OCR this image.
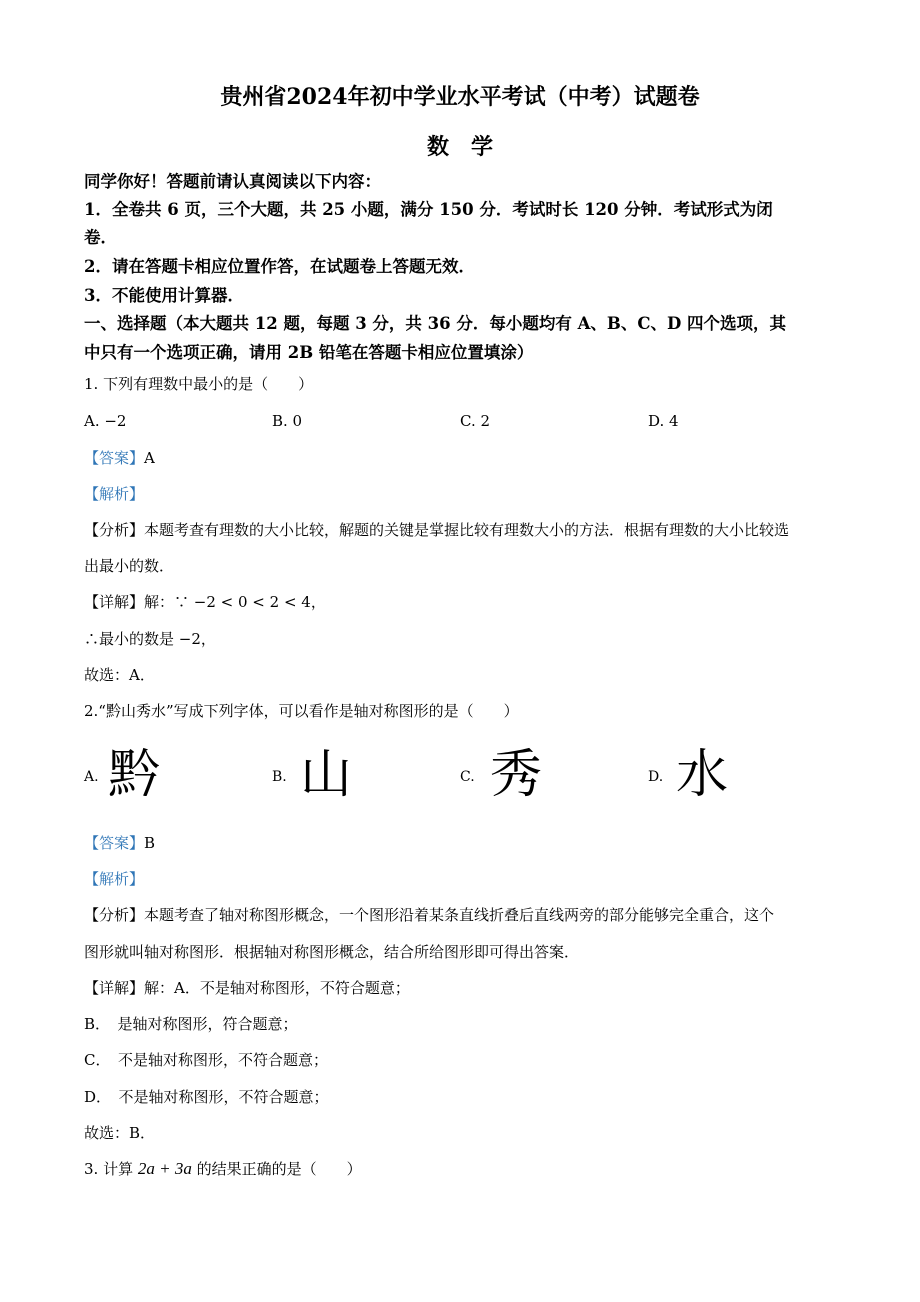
贵州省2024年初中学业水平考试（中考）试题卷
数　学
同学你好！答题前请认真阅读以下内容：
1．全卷共 6 页，三个大题，共 25 小题，满分 150 分．考试时长 120 分钟．考试形式为闭
卷．
2．请在答题卡相应位置作答，在试题卷上答题无效．
3．不能使用计算器．
一、选择题（本大题共 12 题，每题 3 分，共 36 分．每小题均有 A、B、C、D 四个选项，其
中只有一个选项正确，请用 2B 铅笔在答题卡相应位置填涂）
1. 下列有理数中最小的是（　　）
A. −2	B. 0	C. 2	D. 4
【答案】A
【解析】
【分析】本题考查有理数的大小比较，解题的关键是掌握比较有理数大小的方法．根据有理数的大小比较选
出最小的数．
【详解】解：∵ −2 < 0 < 2 < 4，
∴最小的数是 −2，
故选：A．
2.“黔山秀水”写成下列字体，可以看作是轴对称图形的是（　　）
A. 黔	B. 山	C. 秀	D. 水
【答案】B
【解析】
【分析】本题考查了轴对称图形概念，一个图形沿着某条直线折叠后直线两旁的部分能够完全重合，这个
图形就叫轴对称图形．根据轴对称图形概念，结合所给图形即可得出答案．
【详解】解：A．不是轴对称图形，不符合题意；
B．　是轴对称图形，符合题意；
C．　不是轴对称图形，不符合题意；
D．　不是轴对称图形，不符合题意；
故选：B．
3. 计算 2a + 3a 的结果正确的是（　　）
